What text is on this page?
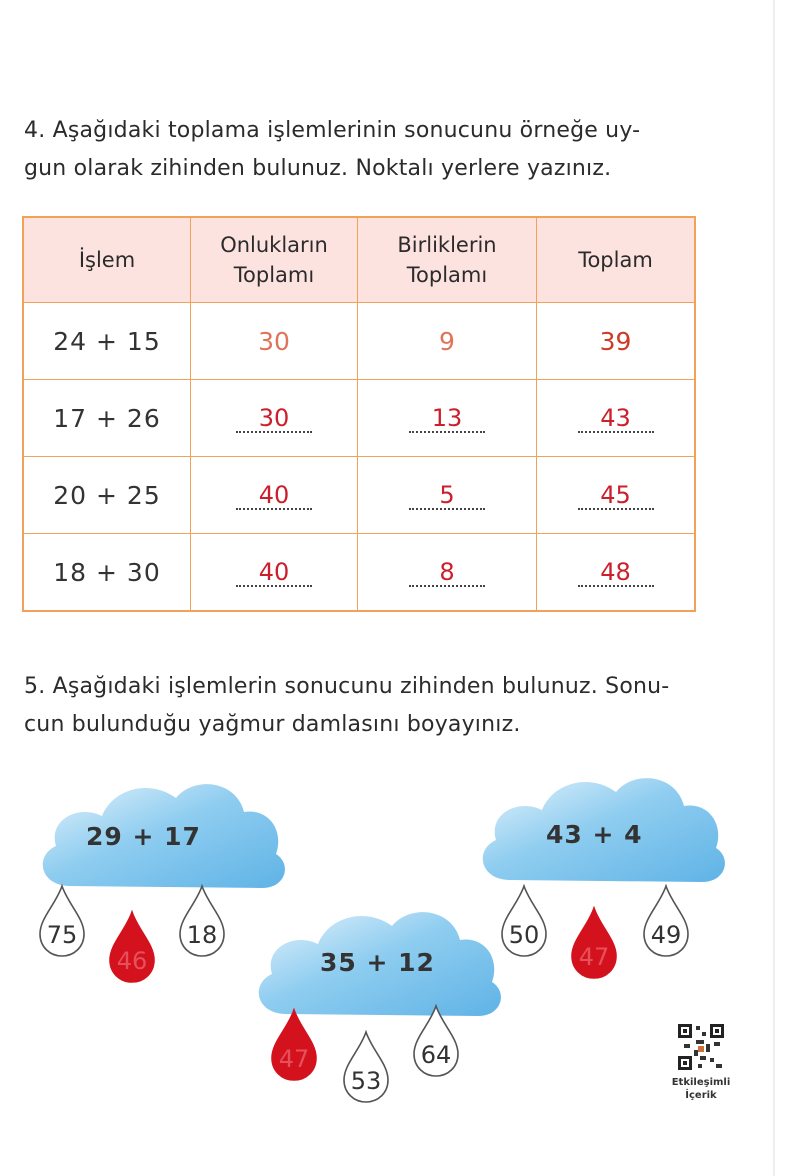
4. Aşağıdaki toplama işlemlerinin sonucunu örneğe uy-
gun olarak zihinden bulunuz. Noktalı yerlere yazınız.
İşlem	Onlukların Toplamı	Birliklerin Toplamı	Toplam
24 + 15	30	9	39
17 + 26	30	13	43
20 + 25	40	5	45
18 + 30	40	8	48
5. Aşağıdaki işlemlerin sonucunu zihinden bulunuz. Sonu-
cun bulunduğu yağmur damlasını boyayınız.
29 + 17
35 + 12
43 + 4
75
46
18
47
53
64
50
47
49
Etkileşimli
İçerik
